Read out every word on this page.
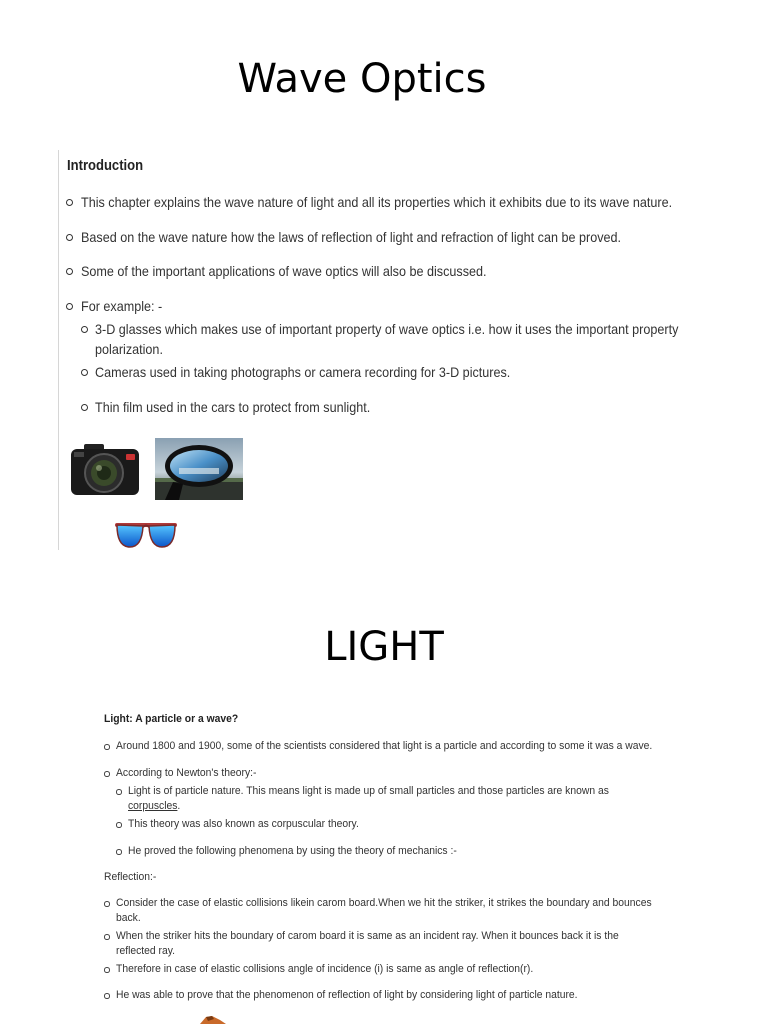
Wave Optics
Introduction
This chapter explains the wave nature of light and all its properties which it exhibits due to its wave nature.
Based on the wave nature how the laws of reflection of light and refraction of light can be proved.
Some of the important applications of wave optics will also be discussed.
For example: -
3-D glasses which makes use of important property of wave optics i.e. how it uses the important property
polarization.
Cameras used in taking photographs or camera recording for 3-D pictures.
Thin film used in the cars to protect from sunlight.
LIGHT
Light: A particle or a wave?
Around 1800 and 1900, some of the scientists considered that light is a particle and according to some it was a wave.
According to Newton's theory:-
Light is of particle nature. This means light is made up of small particles and those particles are known as
corpuscles.
This theory was also known as corpuscular theory.
He proved the following phenomena by using the theory of mechanics :-
Reflection:-
Consider the case of elastic collisions likein carom board.When we hit the striker, it strikes the boundary and bounces
back.
When the striker hits the boundary of carom board it is same as an incident ray. When it bounces back it is the
reflected ray.
Therefore in case of elastic collisions angle of incidence (i) is same as angle of reflection(r).
He was able to prove that the phenomenon of reflection of light by considering light of particle nature.
